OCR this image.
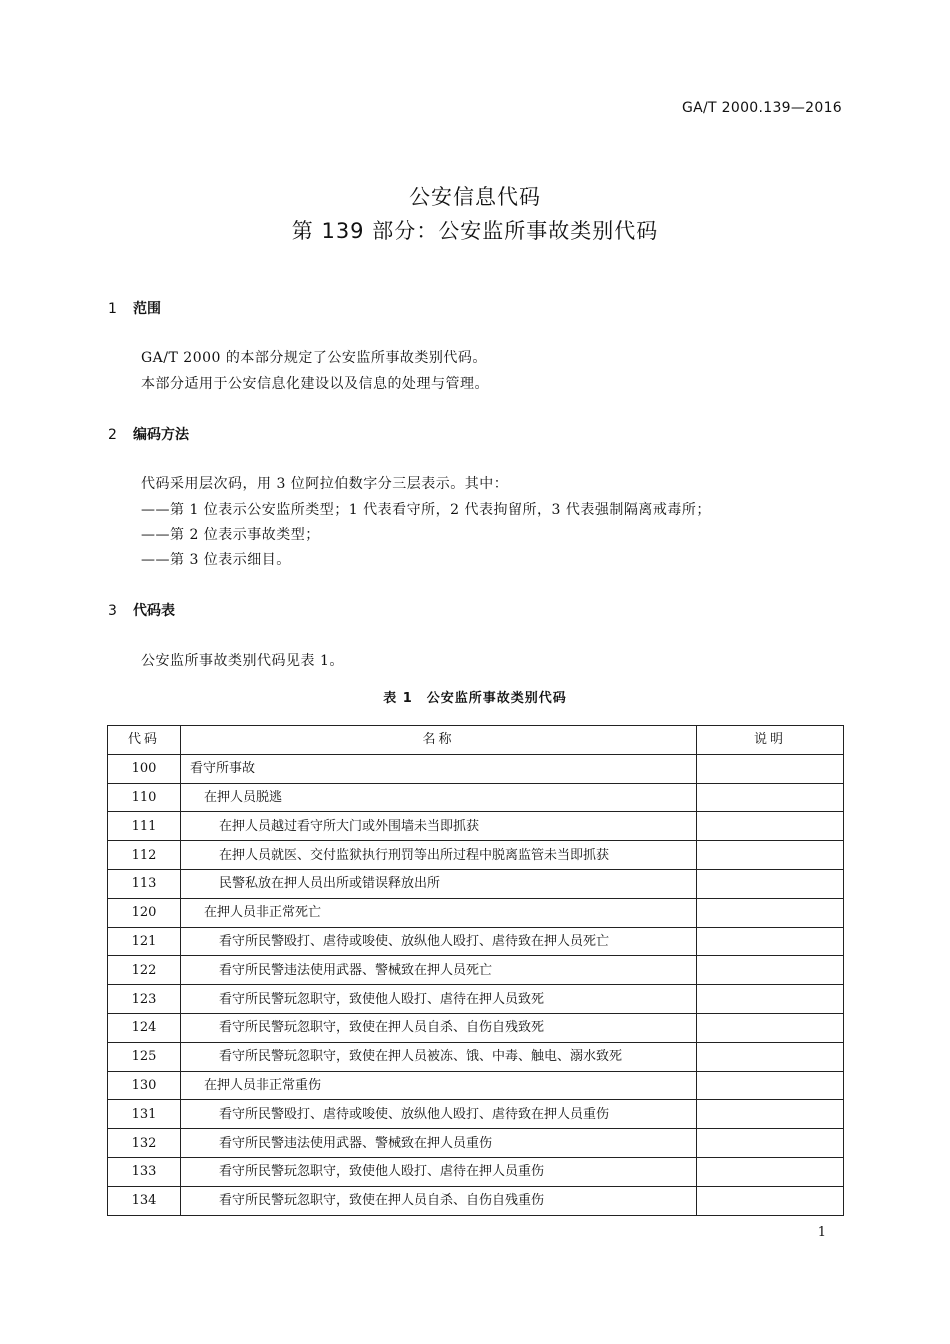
GA/T 2000.139—2016
公安信息代码
第 139 部分：公安监所事故类别代码
1 范围
GA/T 2000 的本部分规定了公安监所事故类别代码。
本部分适用于公安信息化建设以及信息的处理与管理。
2 编码方法
代码采用层次码，用 3 位阿拉伯数字分三层表示。其中：
——第 1 位表示公安监所类型；1 代表看守所，2 代表拘留所，3 代表强制隔离戒毒所；
——第 2 位表示事故类型；
——第 3 位表示细目。
3 代码表
公安监所事故类别代码见表 1。
表 1　公安监所事故类别代码
代码	名称	说明
100	看守所事故	
110	在押人员脱逃	
111	在押人员越过看守所大门或外围墙未当即抓获	
112	在押人员就医、交付监狱执行刑罚等出所过程中脱离监管未当即抓获	
113	民警私放在押人员出所或错误释放出所	
120	在押人员非正常死亡	
121	看守所民警殴打、虐待或唆使、放纵他人殴打、虐待致在押人员死亡	
122	看守所民警违法使用武器、警械致在押人员死亡	
123	看守所民警玩忽职守，致使他人殴打、虐待在押人员致死	
124	看守所民警玩忽职守，致使在押人员自杀、自伤自残致死	
125	看守所民警玩忽职守，致使在押人员被冻、饿、中毒、触电、溺水致死	
130	在押人员非正常重伤	
131	看守所民警殴打、虐待或唆使、放纵他人殴打、虐待致在押人员重伤	
132	看守所民警违法使用武器、警械致在押人员重伤	
133	看守所民警玩忽职守，致使他人殴打、虐待在押人员重伤	
134	看守所民警玩忽职守，致使在押人员自杀、自伤自残重伤	
1
